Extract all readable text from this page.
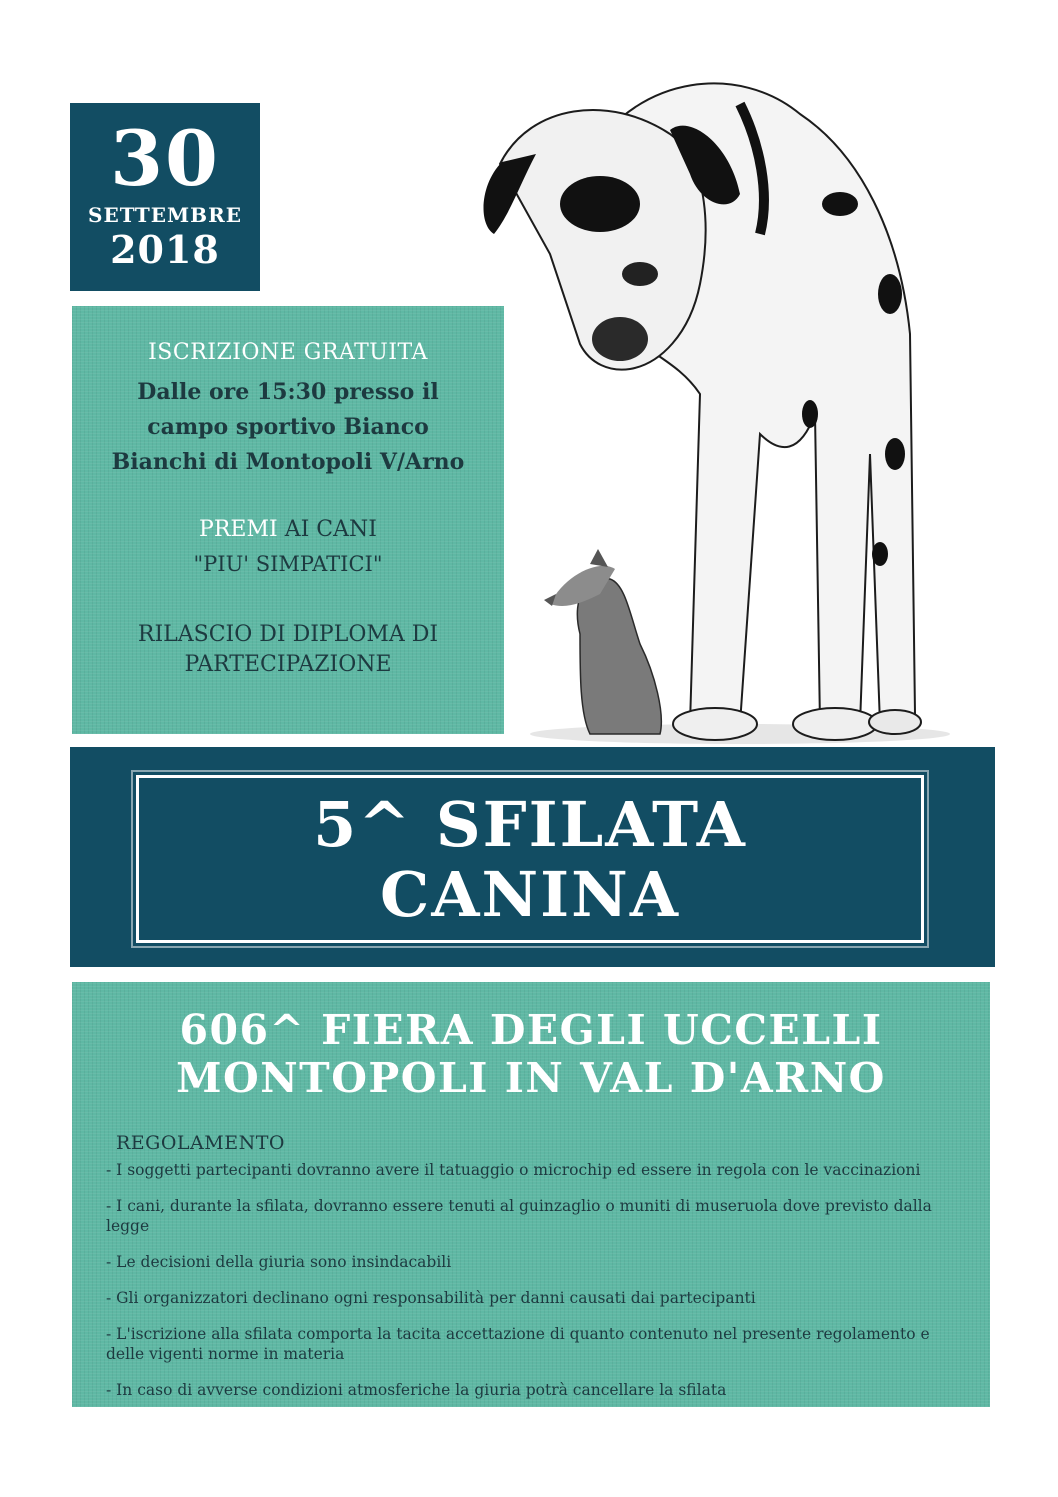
30
SETTEMBRE
2018
ISCRIZIONE GRATUITA
Dalle ore 15:30 presso il campo sportivo Bianco Bianchi di Montopoli V/Arno
PREMI AI CANI
"PIU' SIMPATICI"
RILASCIO DI DIPLOMA DI PARTECIPAZIONE
5^ SFILATA
CANINA
606^ FIERA DEGLI UCCELLI
MONTOPOLI IN VAL D'ARNO
REGOLAMENTO
- I soggetti partecipanti dovranno avere il tatuaggio o microchip ed essere in regola con le vaccinazioni
- I cani, durante la sfilata, dovranno essere tenuti al guinzaglio o muniti di museruola dove previsto dalla legge
- Le decisioni della giuria sono insindacabili
- Gli organizzatori declinano ogni responsabilità per danni causati dai partecipanti
- L'iscrizione alla sfilata comporta la tacita accettazione di quanto contenuto nel presente regolamento e delle vigenti norme in materia
- In caso di avverse condizioni atmosferiche la giuria potrà cancellare la sfilata
